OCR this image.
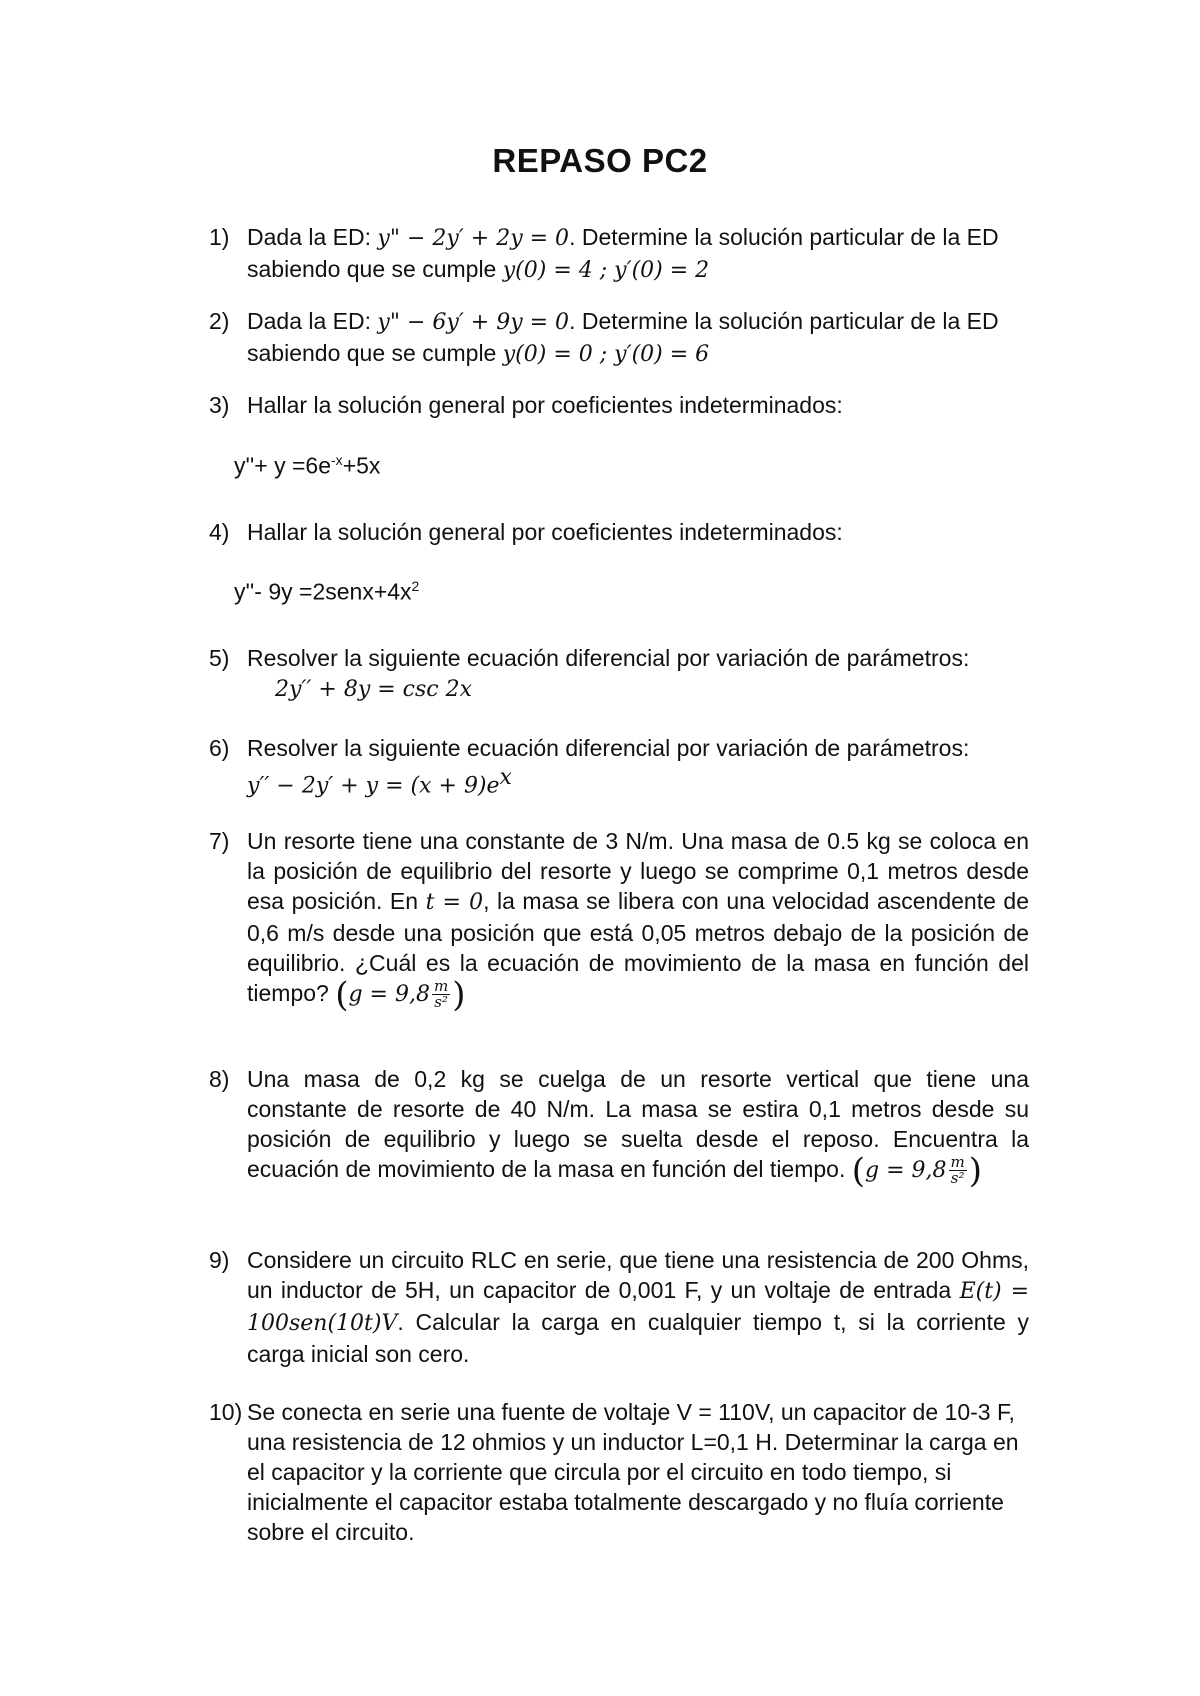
REPASO PC2
1) Dada la ED: y" − 2y′ + 2y = 0. Determine la solución particular de la ED
sabiendo que se cumple y(0) = 4 ; y′(0) = 2
2) Dada la ED: y" − 6y′ + 9y = 0. Determine la solución particular de la ED
sabiendo que se cumple y(0) = 0 ; y′(0) = 6
3) Hallar la solución general por coeficientes indeterminados:
$y''+ y =6e^{-x}+5x$
4) Hallar la solución general por coeficientes indeterminados:
y''- $9y =2senx+4x^2$
5) Resolver la siguiente ecuación diferencial por variación de parámetros:
2y′′ + 8y = csc 2x
6) Resolver la siguiente ecuación diferencial por variación de parámetros:
$y'' - 2y' + y = (x + 9)e^x$
7) Un resorte tiene una constante de 3 N/m. Una masa de 0.5 kg se coloca en la posición de equilibrio del resorte y luego se comprime 0,1 metros desde esa posición. En t = 0, la masa se libera con una velocidad ascendente de 0,6 m/s desde una posición que está 0,05 metros debajo de la posición de equilibrio. ¿Cuál es la ecuación de movimiento de la masa en función del tiempo? ($g = 9,8 \frac{m}{\text{s²}}$ )
8) Una masa de 0,2 kg se cuelga de un resorte vertical que tiene una constante de resorte de 40 N/m. La masa se estira 0,1 metros desde su posición de equilibrio y luego se suelta desde el reposo. Encuentra la ecuación de movimiento de la masa en función del tiempo. ($g = 9,8 \frac{m}{\text{s²}}$ )
9) Considere un circuito RLC en serie, que tiene una resistencia de 200 Ohms, un inductor de 5H, un capacitor de 0,001 F, y un voltaje de entrada E(t) = 100sen(10t)V. Calcular la carga en cualquier tiempo t, si la corriente y carga inicial son cero.
10) Se conecta en serie una fuente de voltaje V = 110V, un capacitor de 10-3 F, una resistencia de 12 ohmios y un inductor L=0,1 H. Determinar la carga en el capacitor y la corriente que circula por el circuito en todo tiempo, si inicialmente el capacitor estaba totalmente descargado y no fluía corriente sobre el circuito.
